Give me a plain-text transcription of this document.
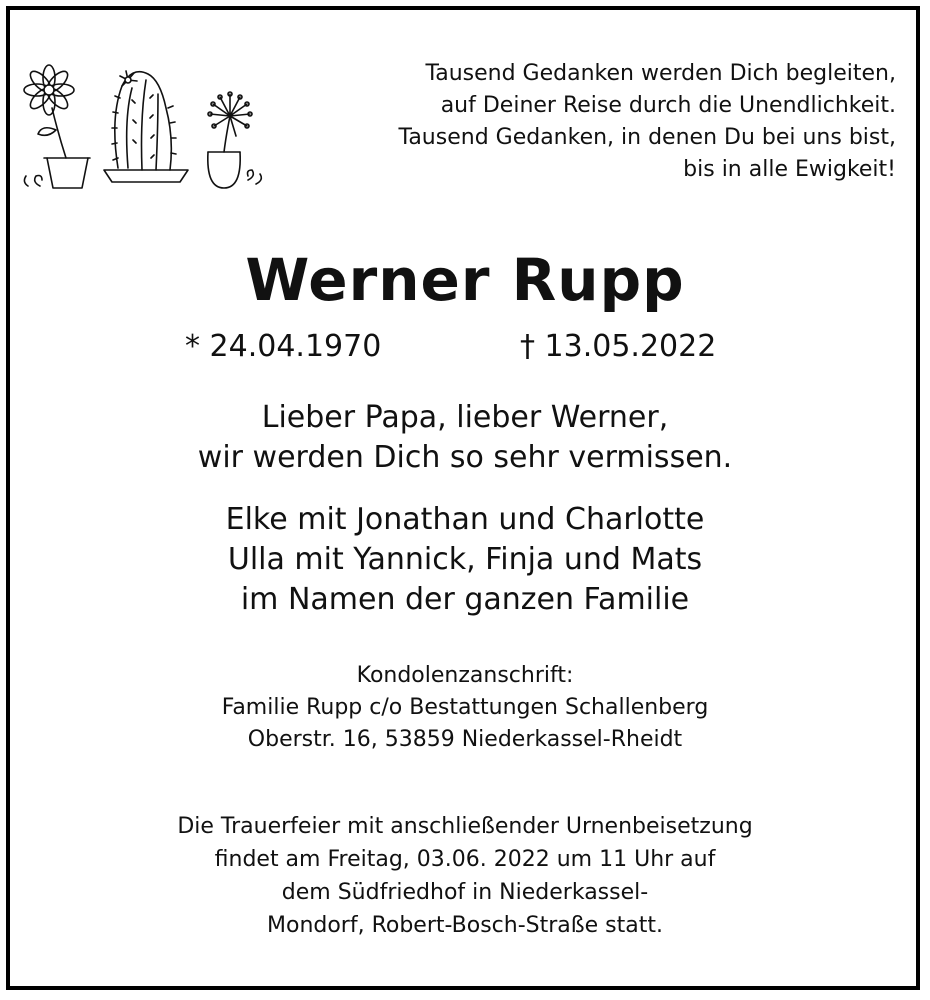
Tausend Gedanken werden Dich begleiten,
auf Deiner Reise durch die Unendlichkeit.
Tausend Gedanken, in denen Du bei uns bist,
bis in alle Ewigkeit!
Werner Rupp
* 24.04.1970	† 13.05.2022
Lieber Papa, lieber Werner,
wir werden Dich so sehr vermissen.
Elke mit Jonathan und Charlotte
Ulla mit Yannick, Finja und Mats
im Namen der ganzen Familie
Kondolenzanschrift:
Familie Rupp c/o Bestattungen Schallenberg
Oberstr. 16, 53859 Niederkassel-Rheidt
Die Trauerfeier mit anschließender Urnenbeisetzung
findet am Freitag, 03.06. 2022 um 11 Uhr auf
dem Südfriedhof in Niederkassel-
Mondorf, Robert-Bosch-Straße statt.
